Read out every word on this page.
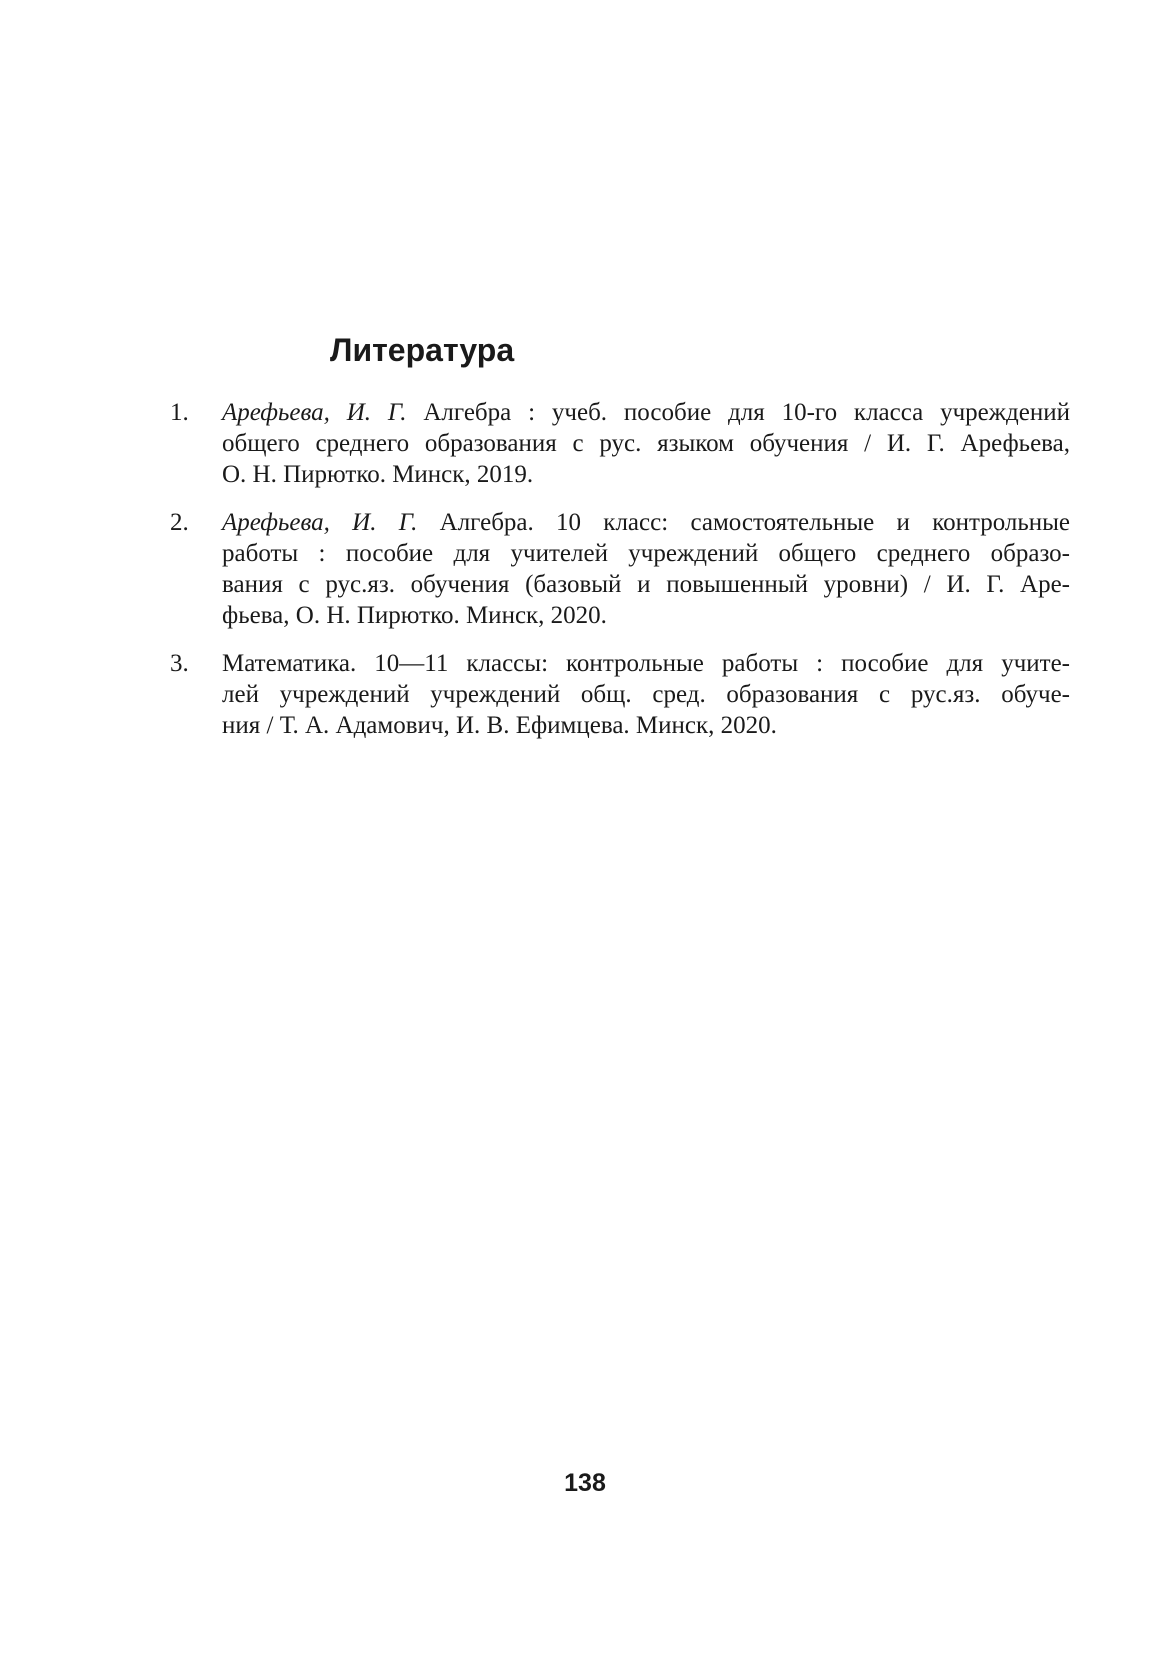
Литература
1. Арефьева, И. Г. Алгебра : учеб. пособие для 10-го класса учреждений
общего среднего образования с рус. языком обучения / И. Г. Арефьева,
О. Н. Пирютко. Минск, 2019.
2. Арефьева, И. Г. Алгебра. 10 класс: самостоятельные и контрольные
работы : пособие для учителей учреждений общего среднего образо-
вания с рус.яз. обучения (базовый и повышенный уровни) / И. Г. Аре-
фьева, О. Н. Пирютко. Минск, 2020.
3. Математика. 10—11 классы: контрольные работы : пособие для учите-
лей учреждений учреждений общ. сред. образования с рус.яз. обуче-
ния / Т. А. Адамович, И. В. Ефимцева. Минск, 2020.
138
